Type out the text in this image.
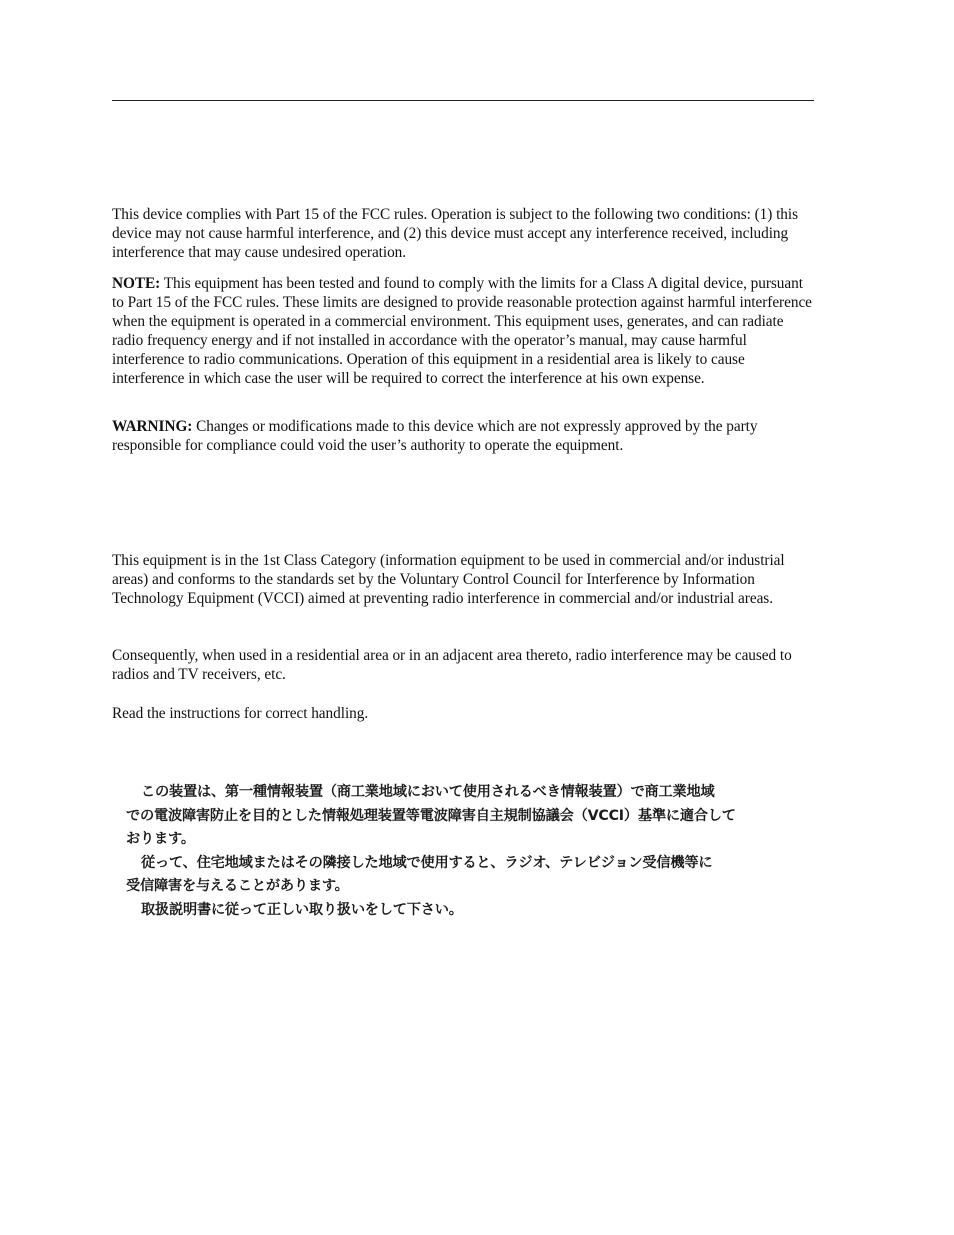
This device complies with Part 15 of the FCC rules. Operation is subject to the following two conditions: (1) this device may not cause harmful interference, and (2) this device must accept any interference received, including interference that may cause undesired operation.

NOTE: This equipment has been tested and found to comply with the limits for a Class A digital device, pursuant to Part 15 of the FCC rules. These limits are designed to provide reasonable protection against harmful interference when the equipment is operated in a commercial environment. This equipment uses, generates, and can radiate radio frequency energy and if not installed in accordance with the operator’s manual, may cause harmful interference to radio communications. Operation of this equipment in a residential area is likely to cause interference in which case the user will be required to correct the interference at his own expense.

WARNING: Changes or modifications made to this device which are not expressly approved by the party responsible for compliance could void the user’s authority to operate the equipment.

This equipment is in the 1st Class Category (information equipment to be used in commercial and/or industrial areas) and conforms to the standards set by the Voluntary Control Council for Interference by Information Technology Equipment (VCCI) aimed at preventing radio interference in commercial and/or industrial areas.

Consequently, when used in a residential area or in an adjacent area thereto, radio interference may be caused to radios and TV receivers, etc.

Read the instructions for correct handling.

この装置は、第一種情報装置（商工業地域において使用されるべき情報装置）で商工業地域
での電波障害防止を目的とした情報処理装置等電波障害自主規制協議会（VCCI）基準に適合して
おります。
従って、住宅地域またはその隣接した地域で使用すると、ラジオ、テレビジョン受信機等に
受信障害を与えることがあります。
取扱説明書に従って正しい取り扱いをして下さい。
